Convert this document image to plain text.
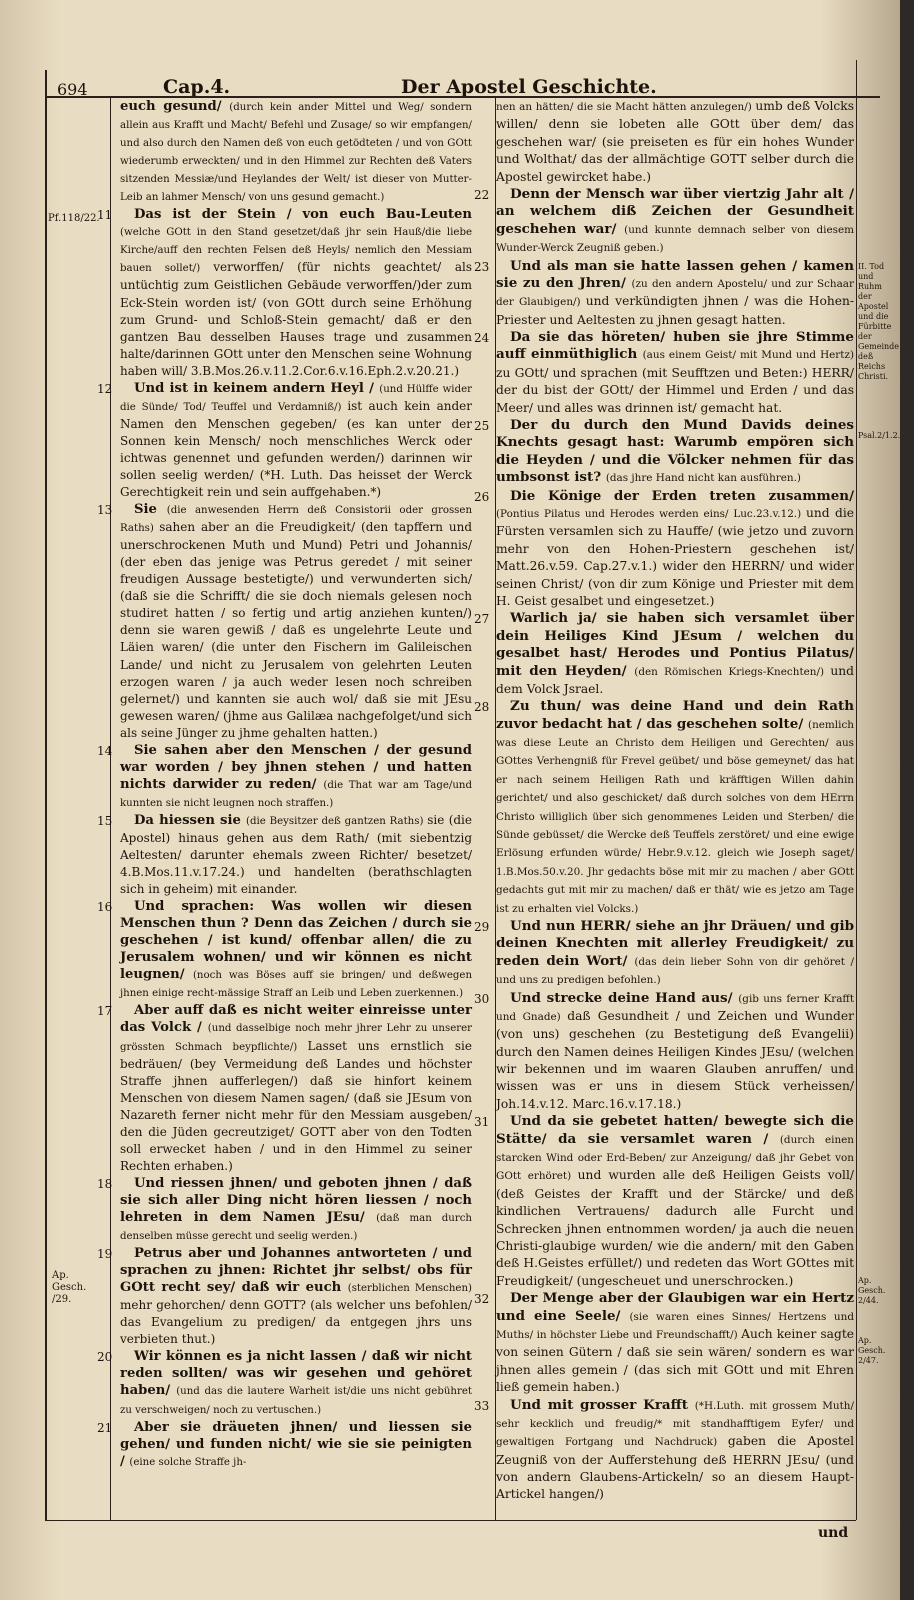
694	Cap.4.	Der Apostel Geschichte.
Pf.118/22.
Ap. Gesch. /29.
II. Tod und Ruhm der Apostel und die Fürbitte der Gemeinde deß Reichs Christi.
Psal.2/1.2.
Ap. Gesch. 2/44.
Ap. Gesch. 2/47.

euch gesund/ (durch kein ander Mittel und Weg/ sondern allein aus Krafft und Macht/ Befehl und Zusage/ so wir empfangen/ und also durch den Namen deß von euch getödteten / und von GOtt wiederumb erweckten/ und in den Himmel zur Rechten deß Vaters sitzenden Messiæ/und Heylandes der Welt/ ist dieser von Mutter-Leib an lahmer Mensch/ von uns gesund gemacht.)

Das ist der Stein / von euch Bau-Leuten (welche GOtt in den Stand gesetzet/daß jhr sein Hauß/die liebe Kirche/auff den rechten Felsen deß Heyls/ nemlich den Messiam bauen sollet/) verworffen/ (für nichts geachtet/ als untüchtig zum Geistlichen Gebäude verworffen/)der zum Eck-Stein worden ist/ (von GOtt durch seine Erhöhung zum Grund- und Schloß-Stein gemacht/ daß er den gantzen Bau desselben Hauses trage und zusammen halte/darinnen GOtt unter den Menschen seine Wohnung haben will/ 3.B.Mos.26.v.11.2.Cor.6.v.16.Eph.2.v.20.21.)

Und ist in keinem andern Heyl / (und Hülffe wider die Sünde/ Tod/ Teuffel und Verdamniß/) ist auch kein ander Namen den Menschen gegeben/ (es kan unter der Sonnen kein Mensch/ noch menschliches Werck oder ichtwas genennet und gefunden werden/) darinnen wir sollen seelig werden/ (*H. Luth. Das heisset der Werck Gerechtigkeit rein und sein auffgehaben.*)

Sie (die anwesenden Herrn deß Consistorii oder grossen Raths) sahen aber an die Freudigkeit/ (den tapffern und unerschrockenen Muth und Mund) Petri und Johannis/ (der eben das jenige was Petrus geredet / mit seiner freudigen Aussage bestetigte/) und verwunderten sich/ (daß sie die Schrifft/ die sie doch niemals gelesen noch studiret hatten / so fertig und artig anziehen kunten/) denn sie waren gewiß / daß es ungelehrte Leute und Läien waren/ (die unter den Fischern im Galileischen Lande/ und nicht zu Jerusalem von gelehrten Leuten erzogen waren / ja auch weder lesen noch schreiben gelernet/) und kannten sie auch wol/ daß sie mit JEsu gewesen waren/ (jhme aus Galilæa nachgefolget/und sich als seine Jünger zu jhme gehalten hatten.)

Sie sahen aber den Menschen / der gesund war worden / bey jhnen stehen / und hatten nichts darwider zu reden/ (die That war am Tage/und kunnten sie nicht leugnen noch straffen.)

Da hiessen sie (die Beysitzer deß gantzen Raths) sie (die Apostel) hinaus gehen aus dem Rath/ (mit siebentzig Aeltesten/ darunter ehemals zween Richter/ besetzet/ 4.B.Mos.11.v.17.24.) und handelten (berathschlagten sich in geheim) mit einander.

Und sprachen: Was wollen wir diesen Menschen thun ? Denn das Zeichen / durch sie geschehen / ist kund/ offenbar allen/ die zu Jerusalem wohnen/ und wir können es nicht leugnen/ (noch was Böses auff sie bringen/ und deßwegen jhnen einige recht-mässige Straff an Leib und Leben zuerkennen.)

Aber auff daß es nicht weiter einreisse unter das Volck / (und dasselbige noch mehr jhrer Lehr zu unserer grössten Schmach beypflichte/) Lasset uns ernstlich sie bedräuen/ (bey Vermeidung deß Landes und höchster Straffe jhnen aufferlegen/) daß sie hinfort keinem Menschen von diesem Namen sagen/ (daß sie JEsum von Nazareth ferner nicht mehr für den Messiam ausgeben/ den die Jüden gecreutziget/ GOTT aber von den Todten soll erwecket haben / und in den Himmel zu seiner Rechten erhaben.)

Und riessen jhnen/ und geboten jhnen / daß sie sich aller Ding nicht hören liessen / noch lehreten in dem Namen JEsu/ (daß man durch denselben müsse gerecht und seelig werden.)

Petrus aber und Johannes antworteten / und sprachen zu jhnen: Richtet jhr selbst/ obs für GOtt recht sey/ daß wir euch (sterblichen Menschen) mehr gehorchen/ denn GOTT? (als welcher uns befohlen/ das Evangelium zu predigen/ da entgegen jhrs uns verbieten thut.)

Wir können es ja nicht lassen / daß wir nicht reden sollten/ was wir gesehen und gehöret haben/ (und das die lautere Warheit ist/die uns nicht gebühret zu verschweigen/ noch zu vertuschen.)

Aber sie dräueten jhnen/ und liessen sie gehen/ und funden nicht/ wie sie sie peinigten / (eine solche Straffe jh-

nen an hätten/ die sie Macht hätten anzulegen/) umb deß Volcks willen/ denn sie lobeten alle GOtt über dem/ das geschehen war/ (sie preiseten es für ein hohes Wunder und Wolthat/ das der allmächtige GOTT selber durch die Apostel gewircket habe.)

Denn der Mensch war über viertzig Jahr alt / an welchem diß Zeichen der Gesundheit geschehen war/ (und kunnte demnach selber von diesem Wunder-Werck Zeugniß geben.)

Und als man sie hatte lassen gehen / kamen sie zu den Jhren/ (zu den andern Apostelu/ und zur Schaar der Glaubigen/) und verkündigten jhnen / was die Hohen-Priester und Aeltesten zu jhnen gesagt hatten.

Da sie das höreten/ huben sie jhre Stimme auff einmüthiglich (aus einem Geist/ mit Mund und Hertz) zu GOtt/ und sprachen (mit Seufftzen und Beten:) HERR/ der du bist der GOtt/ der Himmel und Erden / und das Meer/ und alles was drinnen ist/ gemacht hat.

Der du durch den Mund Davids deines Knechts gesagt hast: Warumb empören sich die Heyden / und die Völcker nehmen für das umbsonst ist? (das jhre Hand nicht kan ausführen.)

Die Könige der Erden treten zusammen/ (Pontius Pilatus und Herodes werden eins/ Luc.23.v.12.) und die Fürsten versamlen sich zu Hauffe/ (wie jetzo und zuvorn mehr von den Hohen-Priestern geschehen ist/ Matt.26.v.59. Cap.27.v.1.) wider den HERRN/ und wider seinen Christ/ (von dir zum Könige und Priester mit dem H. Geist gesalbet und eingesetzet.)

Warlich ja/ sie haben sich versamlet über dein Heiliges Kind JEsum / welchen du gesalbet hast/ Herodes und Pontius Pilatus/ mit den Heyden/ (den Römischen Kriegs-Knechten/) und dem Volck Jsrael.

Zu thun/ was deine Hand und dein Rath zuvor bedacht hat / das geschehen solte/ (nemlich was diese Leute an Christo dem Heiligen und Gerechten/ aus GOttes Verhengniß für Frevel geübet/ und böse gemeynet/ das hat er nach seinem Heiligen Rath und kräfftigen Willen dahin gerichtet/ und also geschicket/ daß durch solches von dem HErrn Christo williglich über sich genommenes Leiden und Sterben/ die Sünde gebüsset/ die Wercke deß Teuffels zerstöret/ und eine ewige Erlösung erfunden würde/ Hebr.9.v.12. gleich wie Joseph saget/ 1.B.Mos.50.v.20. Jhr gedachts böse mit mir zu machen / aber GOtt gedachts gut mit mir zu machen/ daß er thät/ wie es jetzo am Tage ist zu erhalten viel Volcks.)

Und nun HERR/ siehe an jhr Dräuen/ und gib deinen Knechten mit allerley Freudigkeit/ zu reden dein Wort/ (das dein lieber Sohn von dir gehöret / und uns zu predigen befohlen.)

Und strecke deine Hand aus/ (gib uns ferner Krafft und Gnade) daß Gesundheit / und Zeichen und Wunder (von uns) geschehen (zu Bestetigung deß Evangelii) durch den Namen deines Heiligen Kindes JEsu/ (welchen wir bekennen und im waaren Glauben anruffen/ und wissen was er uns in diesem Stück verheissen/ Joh.14.v.12. Marc.16.v.17.18.)

Und da sie gebetet hatten/ bewegte sich die Stätte/ da sie versamlet waren / (durch einen starcken Wind oder Erd-Beben/ zur Anzeigung/ daß jhr Gebet von GOtt erhöret) und wurden alle deß Heiligen Geists voll/ (deß Geistes der Krafft und der Stärcke/ und deß kindlichen Vertrauens/ dadurch alle Furcht und Schrecken jhnen entnommen worden/ ja auch die neuen Christi-glaubige wurden/ wie die andern/ mit den Gaben deß H.Geistes erfüllet/) und redeten das Wort GOttes mit Freudigkeit/ (ungescheuet und unerschrocken.)

Der Menge aber der Glaubigen war ein Hertz und eine Seele/ (sie waren eines Sinnes/ Hertzens und Muths/ in höchster Liebe und Freundschafft/) Auch keiner sagte von seinen Gütern / daß sie sein wären/ sondern es war jhnen alles gemein / (das sich mit GOtt und mit Ehren ließ gemein haben.)

Und mit grosser Krafft (*H.Luth. mit grossem Muth/ sehr kecklich und freudig/* mit standhafftigem Eyfer/ und gewaltigen Fortgang und Nachdruck) gaben die Apostel Zeugniß von der Aufferstehung deß HERRN JEsu/ (und von andern Glaubens-Artickeln/ so an diesem Haupt-Artickel hangen/)

und
11
12
13
14
15
16
17
18
19
20
21
22
23
24
25
26
27
28
29
30
31
32
33
